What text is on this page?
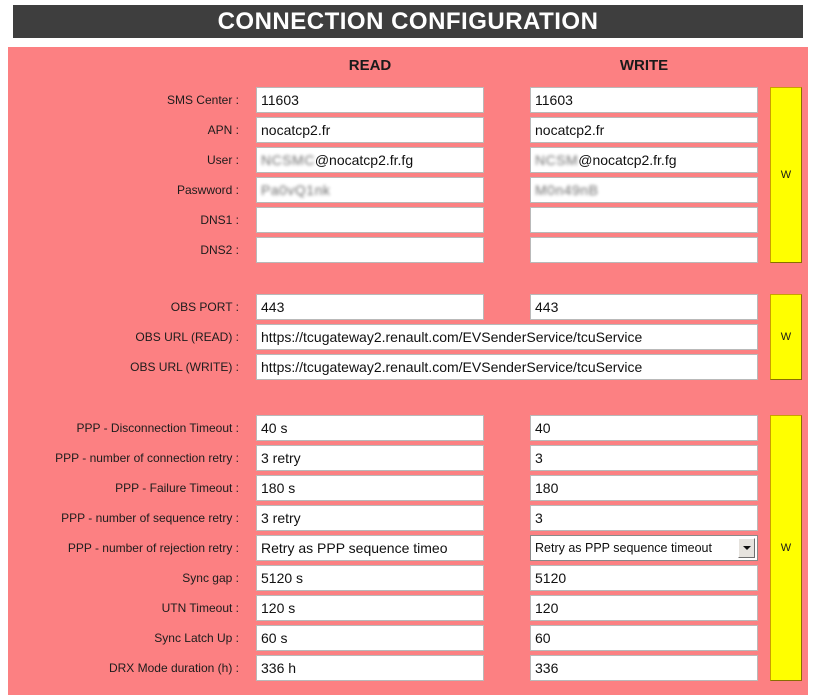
CONNECTION CONFIGURATION
READ	WRITE
SMS Center :	11603	11603
APN :	nocatcp2.fr	nocatcp2.fr
User :	NCSMC@nocatcp2.fr.fg	NCSM@nocatcp2.fr.fg
Paswword :	Pa0vQ1nk	M0n49nB
DNS1 :
DNS2 :
OBS PORT :	443	443
OBS URL (READ) :	https://tcugateway2.renault.com/EVSenderService/tcuService
OBS URL (WRITE) :	https://tcugateway2.renault.com/EVSenderService/tcuService
PPP - Disconnection Timeout :	40 s	40
PPP - number of connection retry :	3 retry	3
PPP - Failure Timeout :	180 s	180
PPP - number of sequence retry :	3 retry	3
PPP - number of rejection retry :	Retry as PPP sequence timeo	Retry as PPP sequence timeout
Sync gap :	5120 s	5120
UTN Timeout :	120 s	120
Sync Latch Up :	60 s	60
DRX Mode duration (h) :	336 h	336
W
W
W
